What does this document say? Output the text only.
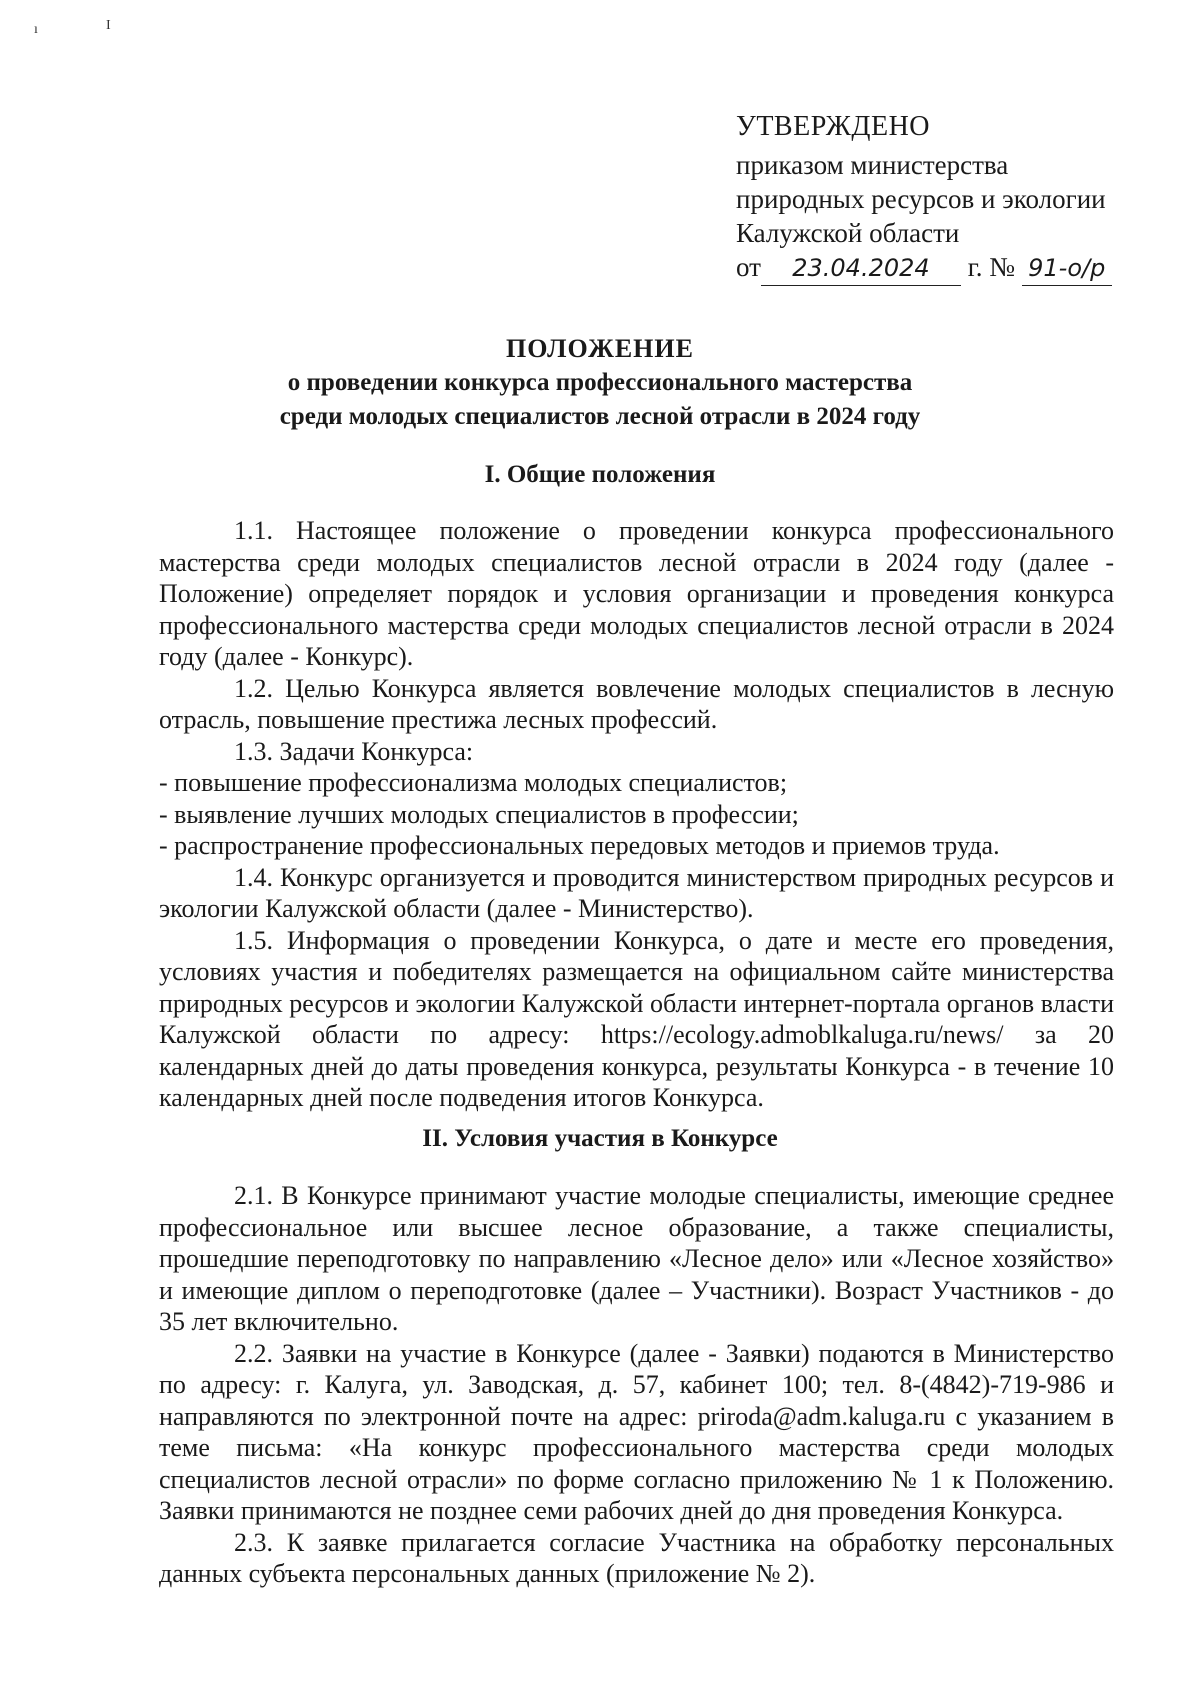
ı	I
УТВЕРЖДЕНО
приказом министерства
природных ресурсов и экологии
Калужской области
от 23.04.2024 г. № 91-о/р
ПОЛОЖЕНИЕ
о проведении конкурса профессионального мастерства
среди молодых специалистов лесной отрасли в 2024 году
I. Общие положения

1.1. Настоящее положение о проведении конкурса профессионального мастерства среди молодых специалистов лесной отрасли в 2024 году (далее - Положение) определяет порядок и условия организации и проведения конкурса профессионального мастерства среди молодых специалистов лесной отрасли в 2024 году (далее - Конкурс).

1.2. Целью Конкурса является вовлечение молодых специалистов в лесную отрасль, повышение престижа лесных профессий.

1.3. Задачи Конкурса:

- повышение профессионализма молодых специалистов;

- выявление лучших молодых специалистов в профессии;

- распространение профессиональных передовых методов и приемов труда.

1.4. Конкурс организуется и проводится министерством природных ресурсов и экологии Калужской области (далее - Министерство).

1.5. Информация о проведении Конкурса, о дате и месте его проведения, условиях участия и победителях размещается на официальном сайте министерства природных ресурсов и экологии Калужской области интернет-портала органов власти Калужской области по адресу: https://ecology.admoblkaluga.ru/news/ за 20 календарных дней до даты проведения конкурса, результаты Конкурса - в течение 10 календарных дней после подведения итогов Конкурса.

II. Условия участия в Конкурсе

2.1. В Конкурсе принимают участие молодые специалисты, имеющие среднее профессиональное или высшее лесное образование, а также специалисты, прошедшие переподготовку по направлению «Лесное дело» или «Лесное хозяйство» и имеющие диплом о переподготовке (далее – Участники). Возраст Участников - до 35 лет включительно.

2.2. Заявки на участие в Конкурсе (далее - Заявки) подаются в Министерство по адресу: г. Калуга, ул. Заводская, д. 57, кабинет 100; тел. 8-(4842)-719-986 и направляются по электронной почте на адрес: priroda@adm.kaluga.ru с указанием в теме письма: «На конкурс профессионального мастерства среди молодых специалистов лесной отрасли» по форме согласно приложению № 1 к Положению. Заявки принимаются не позднее семи рабочих дней до дня проведения Конкурса.

2.3. К заявке прилагается согласие Участника на обработку персональных данных субъекта персональных данных (приложение № 2).
